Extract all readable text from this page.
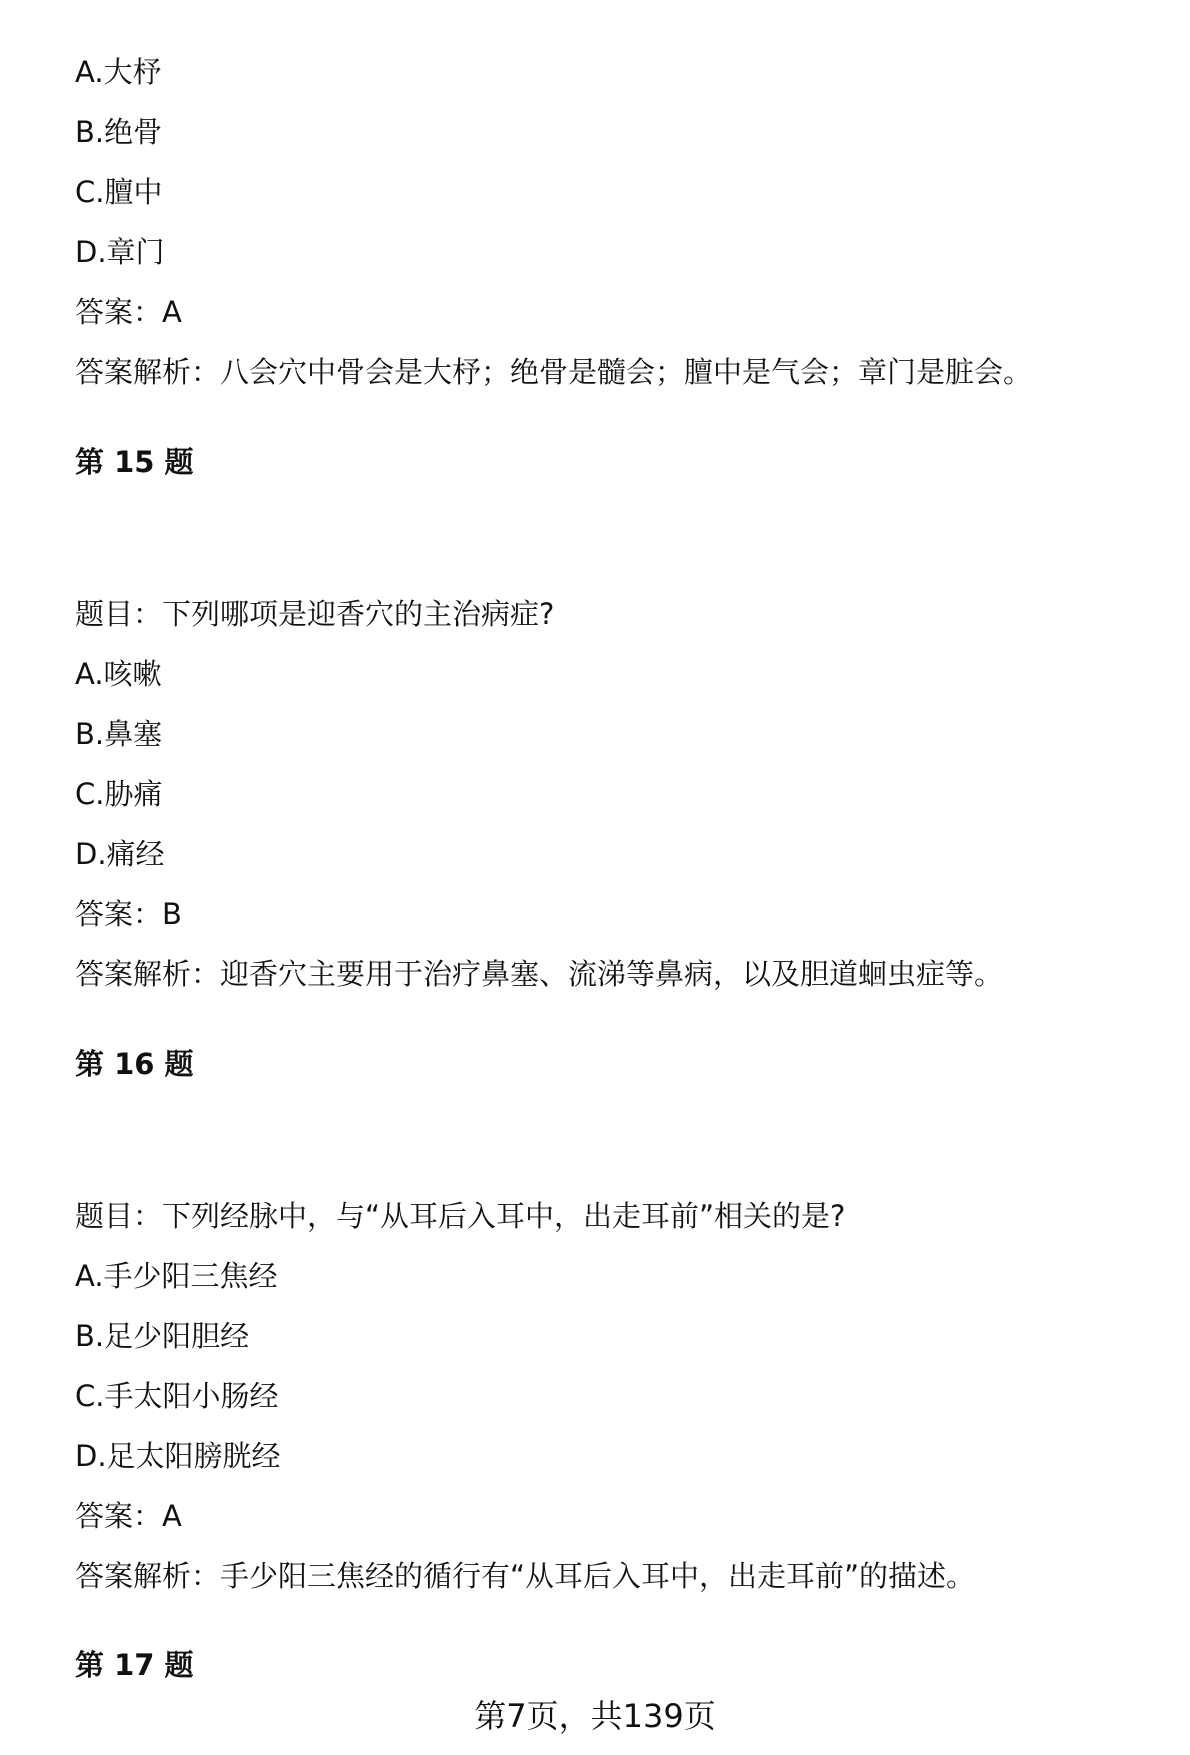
A.大杼

B.绝骨

C.膻中

D.章门

答案：A

答案解析：八会穴中骨会是大杼；绝骨是髓会；膻中是气会；章门是脏会。

第 15 题

题目：下列哪项是迎香穴的主治病症?

A.咳嗽

B.鼻塞

C.胁痛

D.痛经

答案：B

答案解析：迎香穴主要用于治疗鼻塞、流涕等鼻病，以及胆道蛔虫症等。

第 16 题

题目：下列经脉中，与“从耳后入耳中，出走耳前”相关的是?

A.手少阳三焦经

B.足少阳胆经

C.手太阳小肠经

D.足太阳膀胱经

答案：A

答案解析：手少阳三焦经的循行有“从耳后入耳中，出走耳前”的描述。

第 17 题
第7页，共139页
